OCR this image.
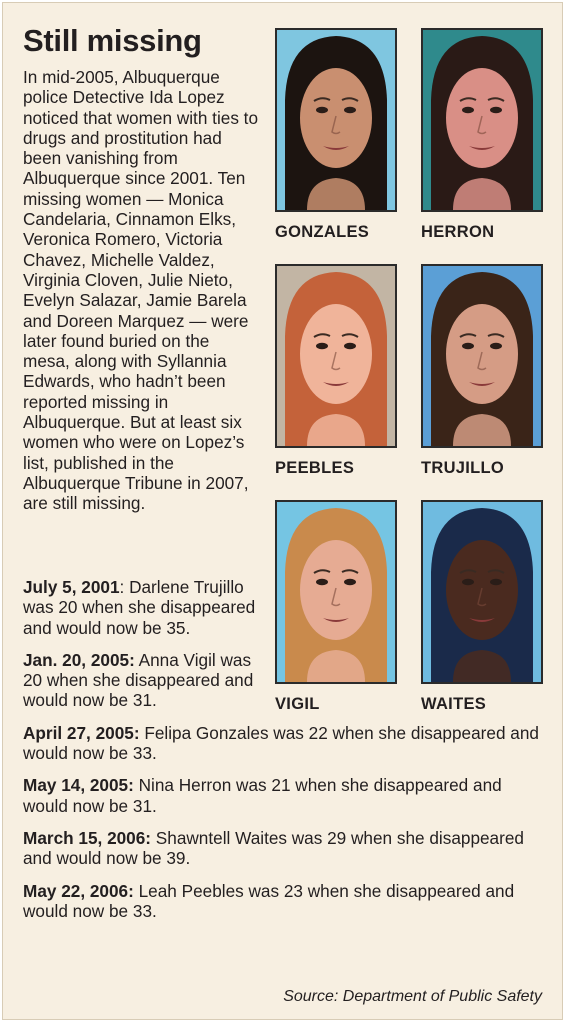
Still missing
In mid-2005, Albuquerque police Detective Ida Lopez noticed that women with ties to drugs and prostitution had been vanishing from Albuquerque since 2001. Ten missing women — Monica Candelaria, Cinnamon Elks, Veronica Romero, Victoria Chavez, Michelle Valdez, Virginia Cloven, Julie Nieto, Evelyn Salazar, Jamie Barela and Doreen Marquez — were later found buried on the mesa, along with Syllannia Edwards, who hadn’t been reported missing in Albuquerque. But at least six women who were on Lopez’s list, published in the Albuquerque Tribune in 2007, are still missing.
GONZALES	HERRON
PEEBLES	TRUJILLO
VIGIL	WAITES

July 5, 2001: Darlene Trujillo was 20 when she disappeared and would now be 35.

Jan. 20, 2005: Anna Vigil was 20 when she disappeared and would now be 31.

April 27, 2005: Felipa Gonzales was 22 when she disappeared and would now be 33.

May 14, 2005: Nina Herron was 21 when she disappeared and would now be 31.

March 15, 2006: Shawntell Waites was 29 when she disappeared and would now be 39.

May 22, 2006: Leah Peebles was 23 when she disappeared and would now be 33.

Source: Department of Public Safety
